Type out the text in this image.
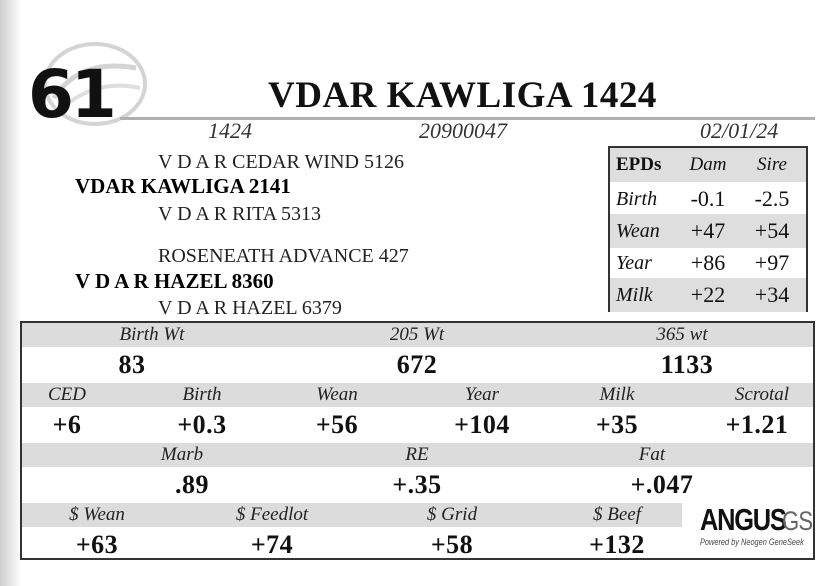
61	VDAR KAWLIGA 1424
1424	20900047	02/01/24
V D A R CEDAR WIND 5126
VDAR KAWLIGA 2141
V D A R RITA 5313
ROSENEATH ADVANCE 427
V D A R HAZEL 8360
V D A R HAZEL 6379
EPDs	Dam	Sire
Birth	-0.1	-2.5
Wean	+47	+54
Year	+86	+97
Milk	+22	+34
Birth Wt	205 Wt	365 wt
83	672	1133
CED	Birth	Wean	Year	Milk	Scrotal
+6	+0.3	+56	+104	+35	+1.21
Marb	RE	Fat
.89	+.35	+.047
$ Wean	$ Feedlot	$ Grid	$ Beef
+63	+74	+58	+132
ANGUS
GS
Powered by Neogen GeneSeek
